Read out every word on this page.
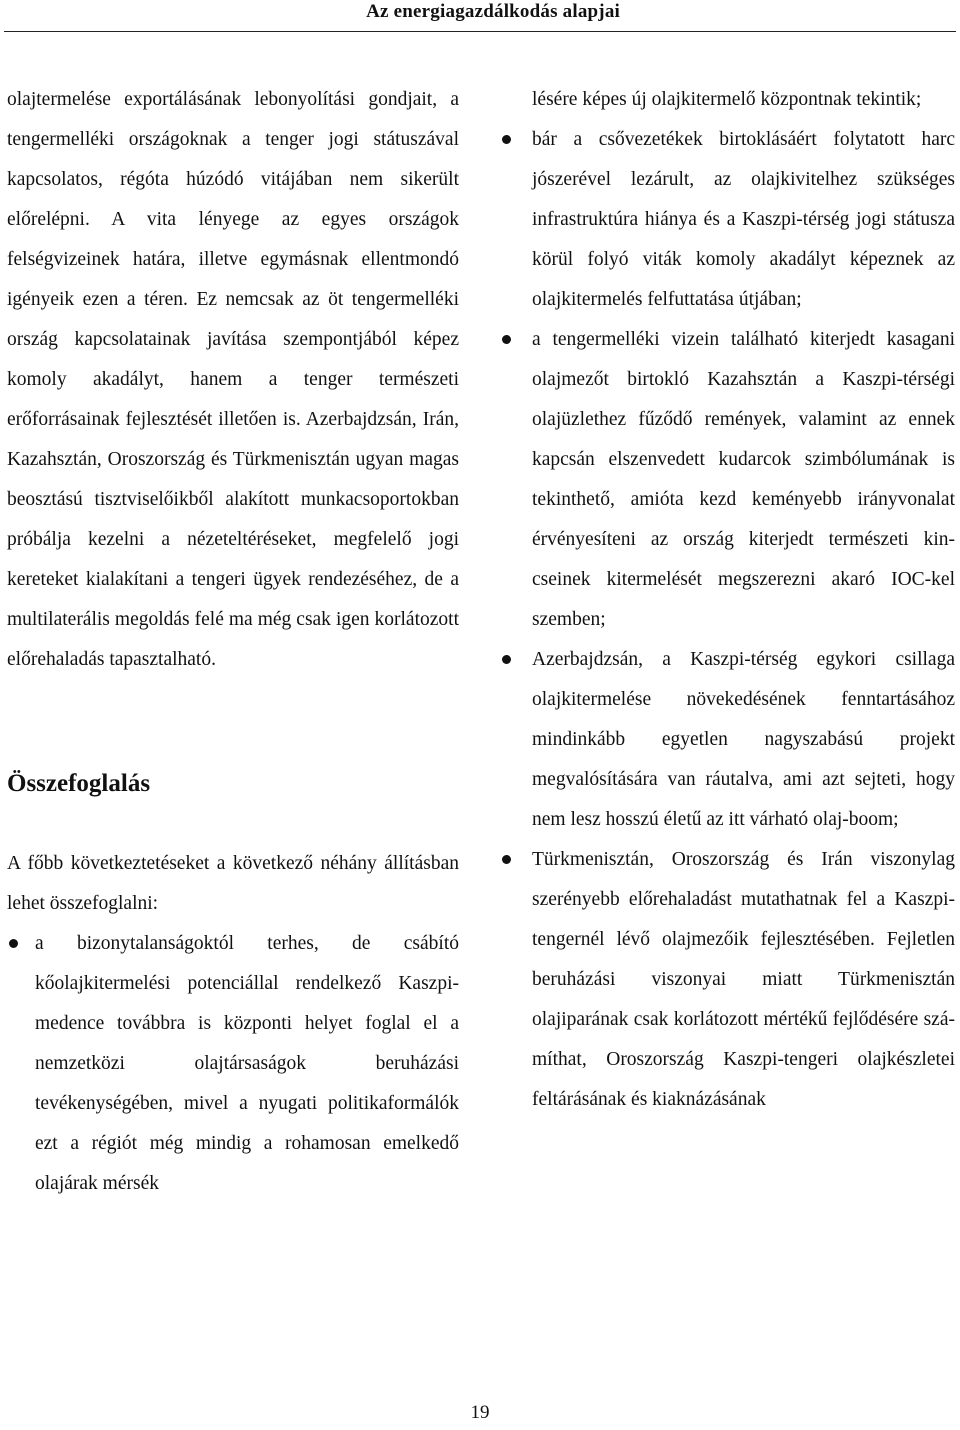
Az energiagazdálkodás alapjai

olajtermelése exportálásának lebonyolítási gondjait, a tengermelléki országoknak a tenger jogi státuszával kapcsolatos, régóta húzódó vitájában nem sikerült előrelépni. A vita lényege az egyes országok felségvizeinek határa, illetve egymásnak ellentmondó igényeik ezen a téren. Ez nemcsak az öt tengermelléki ország kapcsolatainak javítása szempontjából képez komoly akadályt, hanem a tenger természeti erőforrásainak fejlesztését illetően is. Azerbajdzsán, Irán, Kazahsztán, Oroszország és Türkmenisztán ugyan magas beosztású tisztviselőikből alakított munkacsoportokban próbálja kezelni a nézeteltéréseket, megfelelő jogi kereteket kialakítani a tengeri ügyek rendezéséhez, de a multilaterális megoldás felé ma még csak igen korlátozott előrehaladás tapasztalható.

Összefoglalás

A főbb következtetéseket a következő néhány állításban lehet összefoglalni:

a bizonytalanságoktól terhes, de csábító kőolajkitermelési potenciállal rendelkező Kaszpi-medence továbbra is központi helyet foglal el a nemzetközi olajtársaságok beruházási tevékenységében, mivel a nyugati politikaformálók ezt a régiót még mindig a rohamosan emelkedő olajárak mérsék
lésére képes új olajkitermelő központnak tekintik;
bár a csővezetékek birtoklásáért folytatott harc jószerével lezárult, az olajkivitelhez szükséges infrastruktúra hiánya és a Kaszpi-térség jogi státusza körül folyó viták komoly akadályt képeznek az olajkitermelés felfuttatása útjában;
a tengermelléki vizein található kiterjedt kasagani olajmezőt birtokló Kazahsztán a Kaszpi-térségi olajüzlethez fűződő remények, valamint az ennek kapcsán elszenvedett kudarcok szimbólumának is tekinthető, amióta kezd keményebb irányvonalat érvényesíteni az ország kiterjedt természeti kincseinek kitermelését megszerezni akaró IOC-kel szemben;
Azerbajdzsán, a Kaszpi-térség egykori csillaga olajkitermelése növekedésének fenntartásához mindinkább egyetlen nagyszabású projekt megvalósítására van ráutalva, ami azt sejteti, hogy nem lesz hosszú életű az itt várható olaj-boom;
Türkmenisztán, Oroszország és Irán viszonylag szerényebb előrehaladást mutathatnak fel a Kaszpi-tengernél lévő olajmezőik fejlesztésében. Fejletlen beruházási viszonyai miatt Türkmenisztán olajiparának csak korlátozott mértékű fejlődésére számíthat, Oroszország Kaszpi-tengeri olajkészletei feltárásának és kiaknázásának
19
